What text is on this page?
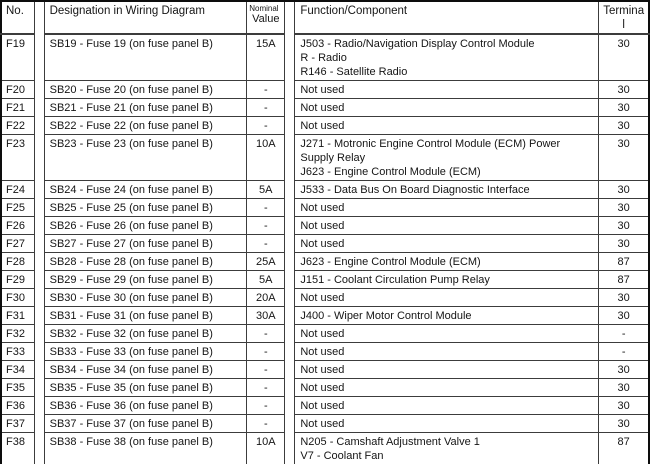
No.		Designation in Wiring Diagram	Nominal
Value		Function/Component	Terminal
F19		SB19 - Fuse 19 (on fuse panel B)	15A		J503 - Radio/Navigation Display Control Module
R - Radio
R146 - Satellite Radio	30
F20		SB20 - Fuse 20 (on fuse panel B)	-		Not used	30
F21		SB21 - Fuse 21 (on fuse panel B)	-		Not used	30
F22		SB22 - Fuse 22 (on fuse panel B)	-		Not used	30
F23		SB23 - Fuse 23 (on fuse panel B)	10A		J271 - Motronic Engine Control Module (ECM) Power Supply Relay
J623 - Engine Control Module (ECM)	30
F24		SB24 - Fuse 24 (on fuse panel B)	5A		J533 - Data Bus On Board Diagnostic Interface	30
F25		SB25 - Fuse 25 (on fuse panel B)	-		Not used	30
F26		SB26 - Fuse 26 (on fuse panel B)	-		Not used	30
F27		SB27 - Fuse 27 (on fuse panel B)	-		Not used	30
F28		SB28 - Fuse 28 (on fuse panel B)	25A		J623 - Engine Control Module (ECM)	87
F29		SB29 - Fuse 29 (on fuse panel B)	5A		J151 - Coolant Circulation Pump Relay	87
F30		SB30 - Fuse 30 (on fuse panel B)	20A		Not used	30
F31		SB31 - Fuse 31 (on fuse panel B)	30A		J400 - Wiper Motor Control Module	30
F32		SB32 - Fuse 32 (on fuse panel B)	-		Not used	-
F33		SB33 - Fuse 33 (on fuse panel B)	-		Not used	-
F34		SB34 - Fuse 34 (on fuse panel B)	-		Not used	30
F35		SB35 - Fuse 35 (on fuse panel B)	-		Not used	30
F36		SB36 - Fuse 36 (on fuse panel B)	-		Not used	30
F37		SB37 - Fuse 37 (on fuse panel B)	-		Not used	30
F38		SB38 - Fuse 38 (on fuse panel B)	10A		N205 - Camshaft Adjustment Valve 1
V7 - Coolant Fan	87
